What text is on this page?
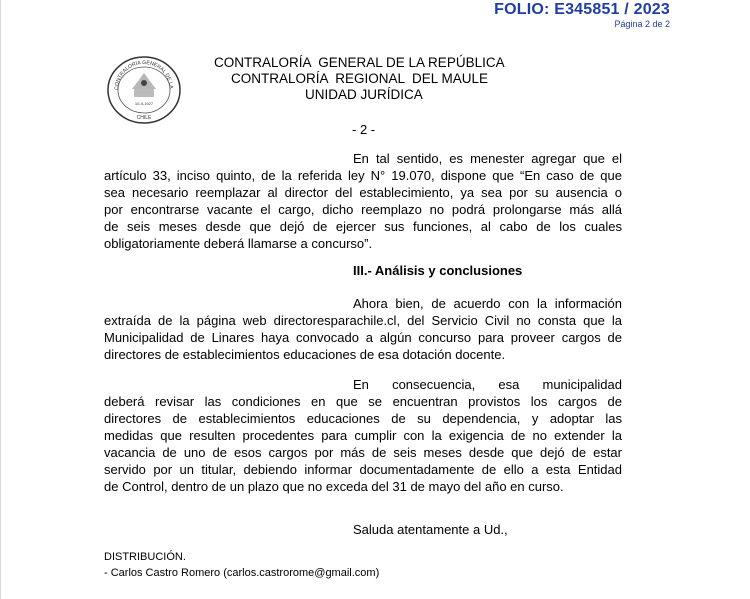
FOLIO: E345851 / 2023
Página 2 de 2
CONTRALORIA GENERAL DE LA
10-II-1927
CHILE
CONTRALORÍA  GENERAL DE LA REPÚBLICA
CONTRALORÍA  REGIONAL  DEL MAULE
UNIDAD JURÍDICA
- 2 -
En tal sentido, es menester agregar que el
artículo 33, inciso quinto, de la referida ley N° 19.070, dispone que “En caso de que
sea necesario reemplazar al director del establecimiento, ya sea por su ausencia o
por encontrarse vacante el cargo, dicho reemplazo no podrá prolongarse más allá
de seis meses desde que dejó de ejercer sus funciones, al cabo de los cuales
obligatoriamente deberá llamarse a concurso”.
III.- Análisis y conclusiones
Ahora bien, de acuerdo con la información
extraída de la página web directoresparachile.cl, del Servicio Civil no consta que la
Municipalidad de Linares haya convocado a algún concurso para proveer cargos de
directores de establecimientos educaciones de esa dotación docente.
En consecuencia, esa municipalidad
deberá revisar las condiciones en que se encuentran provistos los cargos de
directores de establecimientos educaciones de su dependencia, y adoptar las
medidas que resulten procedentes para cumplir con la exigencia de no extender la
vacancia de uno de esos cargos por más de seis meses desde que dejó de estar
servido por un titular, debiendo informar documentadamente de ello a esta Entidad
de Control, dentro de un plazo que no exceda del 31 de mayo del año en curso.
Saluda atentamente a Ud.,
DISTRIBUCIÓN.
- Carlos Castro Romero (carlos.castrorome@gmail.com)
